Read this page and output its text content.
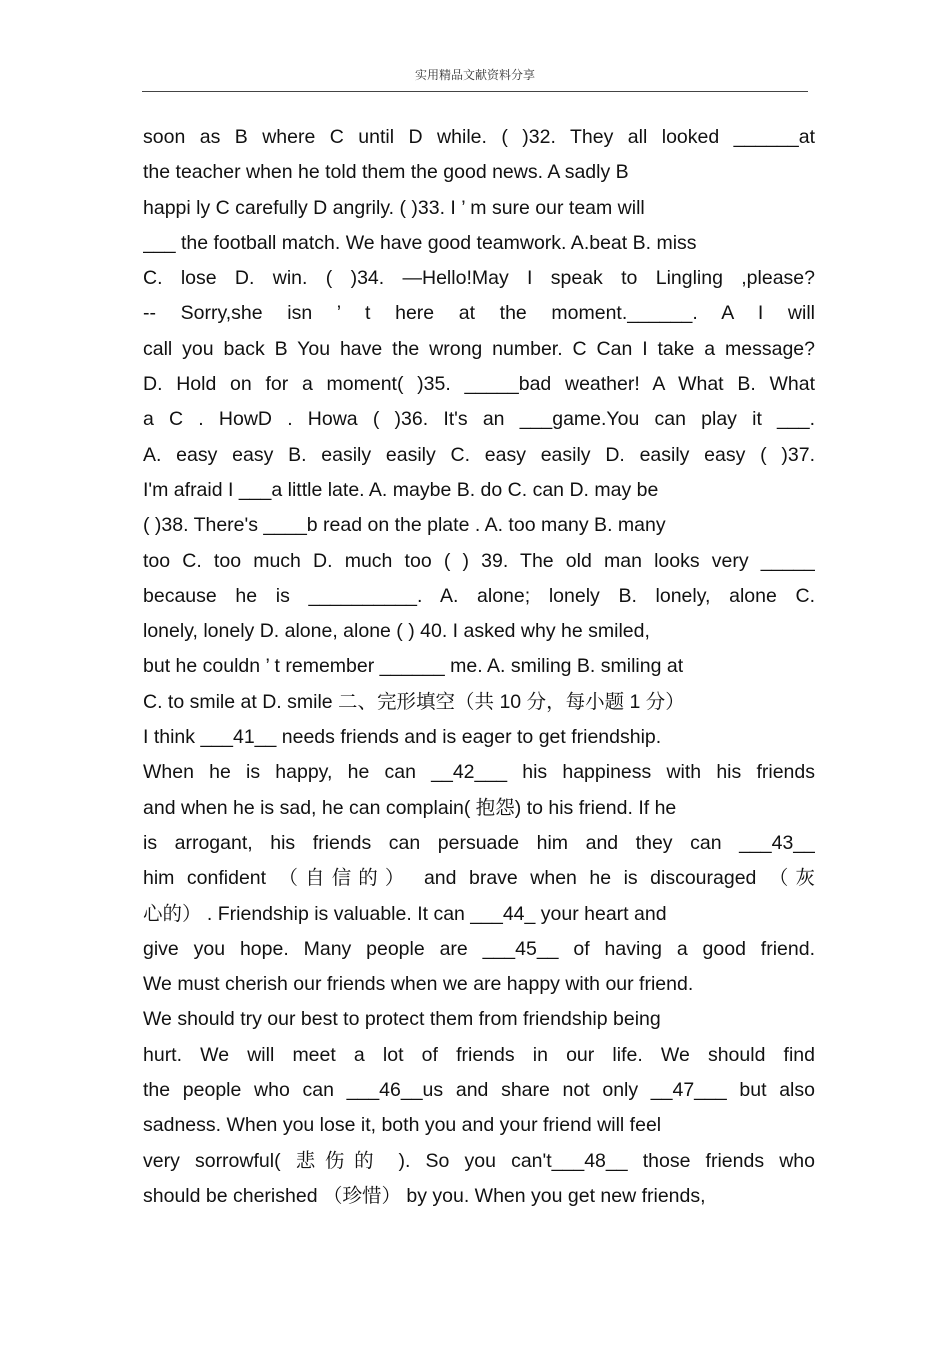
实用精品文献资料分享
soon as B where C until D while. ( )32. They all looked ______at
the teacher when he told them the good news. A sadly B
happi ly C carefully D angrily. ( )33. I ’ m sure our team will
___ the football match. We have good teamwork. A.beat B. miss
C. lose D. win. ( )34. —Hello!May I speak to Lingling ,please?
-- Sorry,she isn ’ t here at the moment.______. A I will
call you back B You have the wrong number. C Can I take a message?
D. Hold on for a moment( )35. _____bad weather! A What B. What
a C . HowD . Howa ( )36. It's an ___game.You can play it ___.
A. easy easy B. easily easily C. easy easily D. easily easy ( )37.
I'm afraid I ___a little late. A. maybe B. do C. can D. may be
( )38. There's ____b read on the plate . A. too many B. many
too C. too much D. much too ( ) 39. The old man looks very _____
because he is __________. A. alone; lonely B. lonely, alone C.
lonely, lonely D. alone, alone ( ) 40. I asked why he smiled,
but he couldn ’ t remember ______ me. A. smiling B. smiling at
C. to smile at D. smile 二、完形填空（共 10 分，每小题 1 分）
I think ___41__ needs friends and is eager to get friendship.
When he is happy, he can __42___ his happiness with his friends
and when he is sad, he can complain( 抱怨) to his friend. If he
is arrogant, his friends can persuade him and they can ___43__
him confident （自信的） and brave when he is discouraged （灰
心的） . Friendship is valuable. It can ___44_ your heart and
give you hope. Many people are ___45__ of having a good friend.
We must cherish our friends when we are happy with our friend.
We should try our best to protect them from friendship being
hurt. We will meet a lot of friends in our life. We should find
the people who can ___46__us and share not only __47___ but also
sadness. When you lose it, both you and your friend will feel
very sorrowful( 悲伤的 ). So you can't___48__ those friends who
should be cherished （珍惜） by you. When you get new friends,
